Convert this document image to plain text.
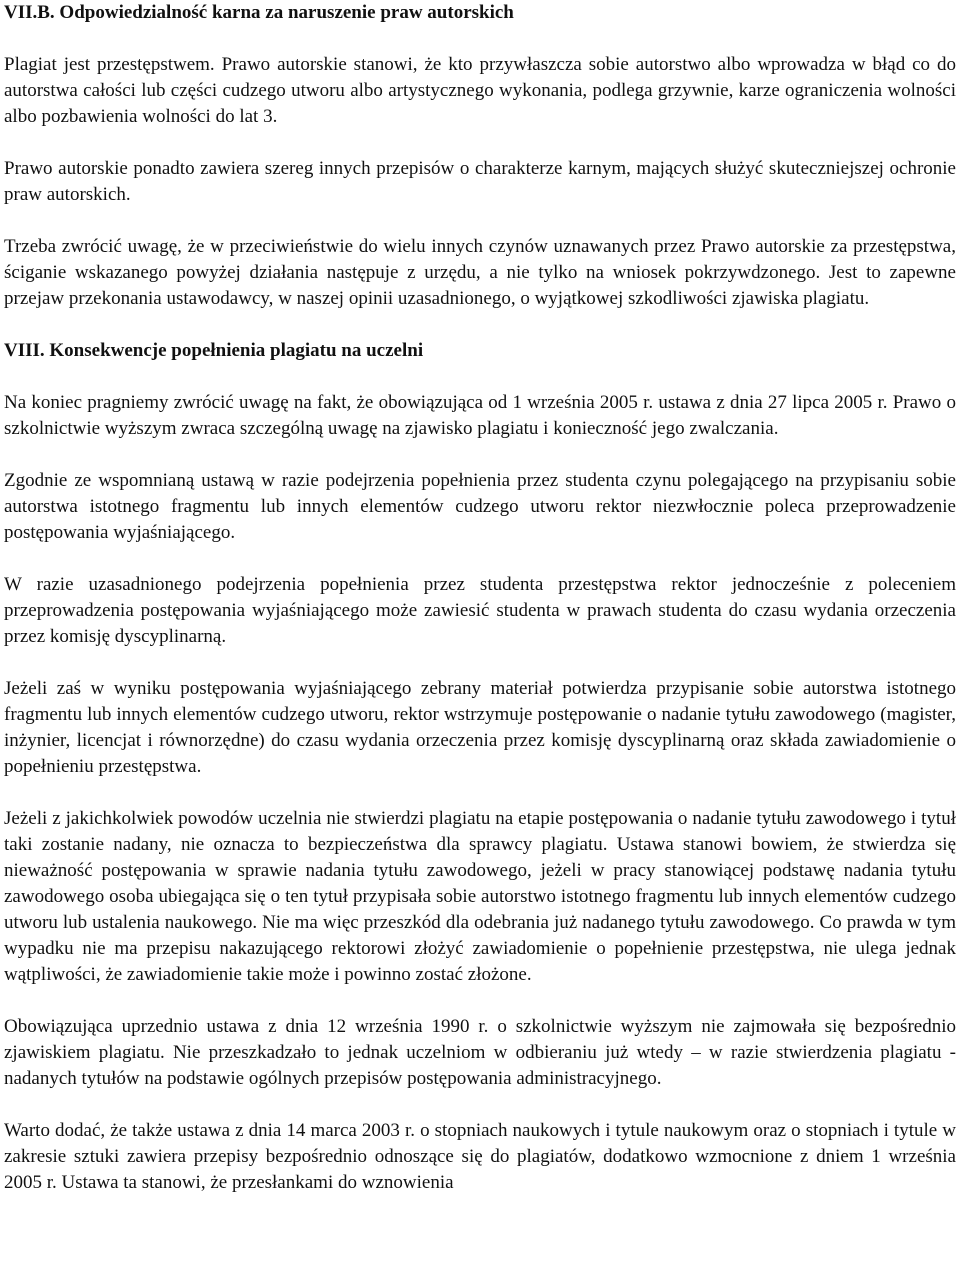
VII.B. Odpowiedzialność karna za naruszenie praw autorskich

Plagiat jest przestępstwem. Prawo autorskie stanowi, że kto przywłaszcza sobie autorstwo albo wprowadza w błąd co do autorstwa całości lub części cudzego utworu albo artystycznego wykonania, podlega grzywnie, karze ograniczenia wolności albo pozbawienia wolności do lat 3.

Prawo autorskie ponadto zawiera szereg innych przepisów o charakterze karnym, mających służyć skuteczniejszej ochronie praw autorskich.

Trzeba zwrócić uwagę, że w przeciwieństwie do wielu innych czynów uznawanych przez Prawo autorskie za przestępstwa, ściganie wskazanego powyżej działania następuje z urzędu, a nie tylko na wniosek pokrzywdzonego. Jest to zapewne przejaw przekonania ustawodawcy, w naszej opinii uzasadnionego, o wyjątkowej szkodliwości zjawiska plagiatu.

VIII. Konsekwencje popełnienia plagiatu na uczelni

Na koniec pragniemy zwrócić uwagę na fakt, że obowiązująca od 1 września 2005 r. ustawa z dnia 27 lipca 2005 r. Prawo o szkolnictwie wyższym zwraca szczególną uwagę na zjawisko plagiatu i konieczność jego zwalczania.

Zgodnie ze wspomnianą ustawą w razie podejrzenia popełnienia przez studenta czynu polegającego na przypisaniu sobie autorstwa istotnego fragmentu lub innych elementów cudzego utworu rektor niezwłocznie poleca przeprowadzenie postępowania wyjaśniającego.

W razie uzasadnionego podejrzenia popełnienia przez studenta przestępstwa rektor jednocześnie z poleceniem przeprowadzenia postępowania wyjaśniającego może zawiesić studenta w prawach studenta do czasu wydania orzeczenia przez komisję dyscyplinarną.

Jeżeli zaś w wyniku postępowania wyjaśniającego zebrany materiał potwierdza przypisanie sobie autorstwa istotnego fragmentu lub innych elementów cudzego utworu, rektor wstrzymuje postępowanie o nadanie tytułu zawodowego (magister, inżynier, licencjat i równorzędne) do czasu wydania orzeczenia przez komisję dyscyplinarną oraz składa zawiadomienie o popełnieniu przestępstwa.

Jeżeli z jakichkolwiek powodów uczelnia nie stwierdzi plagiatu na etapie postępowania o nadanie tytułu zawodowego i tytuł taki zostanie nadany, nie oznacza to bezpieczeństwa dla sprawcy plagiatu. Ustawa stanowi bowiem, że stwierdza się nieważność postępowania w sprawie nadania tytułu zawodowego, jeżeli w pracy stanowiącej podstawę nadania tytułu zawodowego osoba ubiegająca się o ten tytuł przypisała sobie autorstwo istotnego fragmentu lub innych elementów cudzego utworu lub ustalenia naukowego. Nie ma więc przeszkód dla odebrania już nadanego tytułu zawodowego. Co prawda w tym wypadku nie ma przepisu nakazującego rektorowi złożyć zawiadomienie o popełnienie przestępstwa, nie ulega jednak wątpliwości, że zawiadomienie takie może i powinno zostać złożone.

Obowiązująca uprzednio ustawa z dnia 12 września 1990 r. o szkolnictwie wyższym nie zajmowała się bezpośrednio zjawiskiem plagiatu. Nie przeszkadzało to jednak uczelniom w odbieraniu już wtedy – w razie stwierdzenia plagiatu - nadanych tytułów na podstawie ogólnych przepisów postępowania administracyjnego.

Warto dodać, że także ustawa z dnia 14 marca 2003 r. o stopniach naukowych i tytule naukowym oraz o stopniach i tytule w zakresie sztuki zawiera przepisy bezpośrednio odnoszące się do plagiatów, dodatkowo wzmocnione z dniem 1 września 2005 r. Ustawa ta stanowi, że przesłankami do wznowienia
